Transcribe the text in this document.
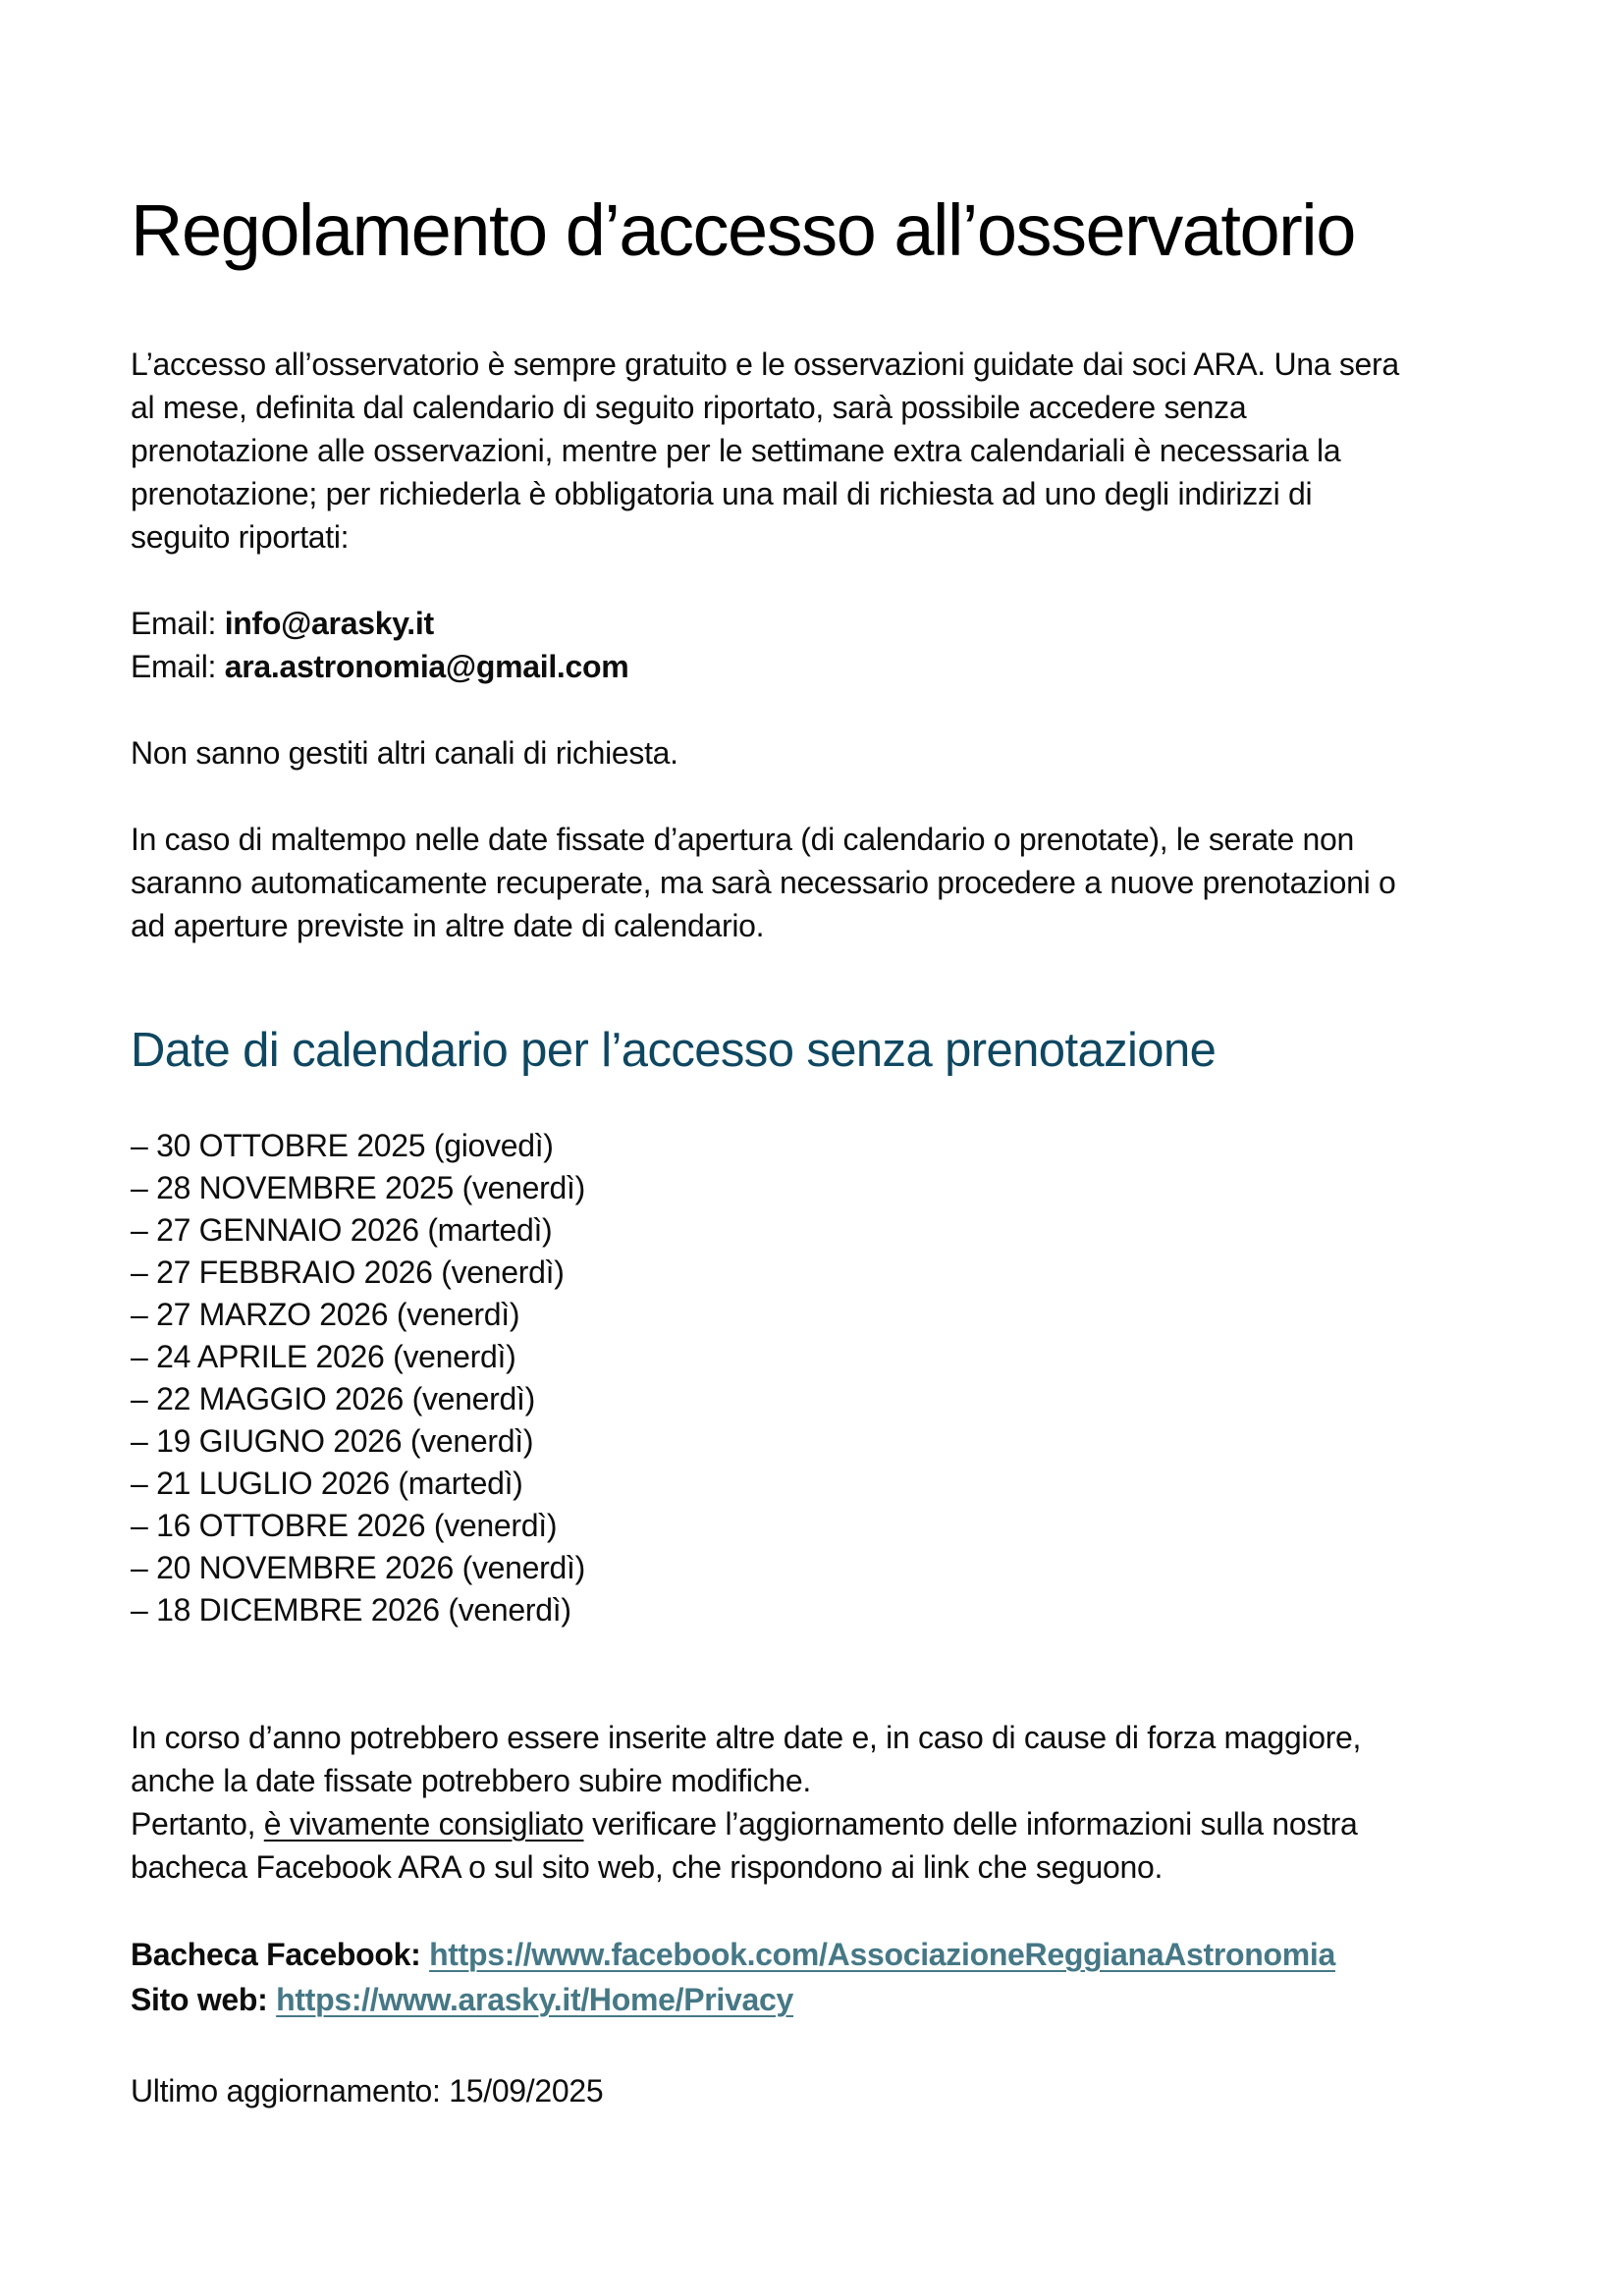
Regolamento d’accesso all’osservatorio

L’accesso all’osservatorio è sempre gratuito e le osservazioni guidate dai soci ARA. Una sera al mese, definita dal calendario di seguito riportato, sarà possibile accedere senza prenotazione alle osservazioni, mentre per le settimane extra calendariali è necessaria la prenotazione; per richiederla è obbligatoria una mail di richiesta ad uno degli indirizzi di seguito riportati:

Email: info@arasky.it

Email: ara.astronomia@gmail.com

Non sanno gestiti altri canali di richiesta.

In caso di maltempo nelle date fissate d’apertura (di calendario o prenotate), le serate non saranno automaticamente recuperate, ma sarà necessario procedere a nuove prenotazioni o ad aperture previste in altre date di calendario.

Date di calendario per l’accesso senza prenotazione
– 30 OTTOBRE 2025 (giovedì)
– 28 NOVEMBRE 2025 (venerdì)
– 27 GENNAIO 2026 (martedì)
– 27 FEBBRAIO 2026 (venerdì)
– 27 MARZO 2026 (venerdì)
– 24 APRILE 2026 (venerdì)
– 22 MAGGIO 2026 (venerdì)
– 19 GIUGNO 2026 (venerdì)
– 21 LUGLIO 2026 (martedì)
– 16 OTTOBRE 2026 (venerdì)
– 20 NOVEMBRE 2026 (venerdì)
– 18 DICEMBRE 2026 (venerdì)
In corso d’anno potrebbero essere inserite altre date e, in caso di cause di forza maggiore, anche la date fissate potrebbero subire modifiche.
Pertanto, è vivamente consigliato verificare l’aggiornamento delle informazioni sulla nostra bacheca Facebook ARA o sul sito web, che rispondono ai link che seguono.

Bacheca Facebook: https://www.facebook.com/AssociazioneReggianaAstronomia

Sito web: https://www.arasky.it/Home/Privacy

Ultimo aggiornamento: 15/09/2025
